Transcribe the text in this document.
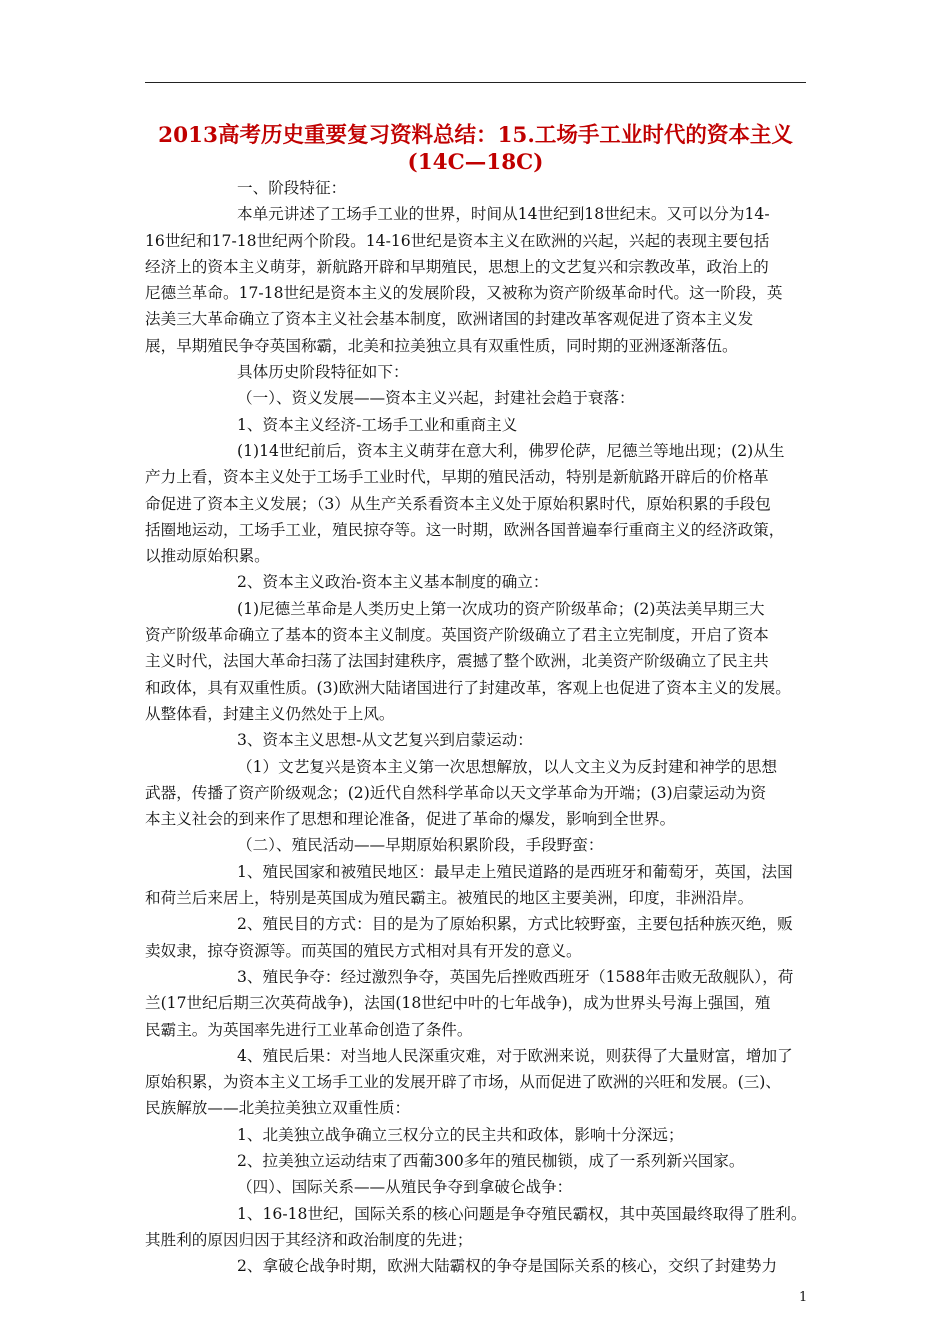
2013高考历史重要复习资料总结：15.工场手工业时代的资本主义
(14C—18C)
一、阶段特征：
本单元讲述了工场手工业的世界，时间从14世纪到18世纪末。又可以分为14-
16世纪和17-18世纪两个阶段。14-16世纪是资本主义在欧洲的兴起，兴起的表现主要包括
经济上的资本主义萌芽，新航路开辟和早期殖民，思想上的文艺复兴和宗教改革，政治上的
尼德兰革命。17-18世纪是资本主义的发展阶段，又被称为资产阶级革命时代。这一阶段，英
法美三大革命确立了资本主义社会基本制度，欧洲诸国的封建改革客观促进了资本主义发
展，早期殖民争夺英国称霸，北美和拉美独立具有双重性质，同时期的亚洲逐渐落伍。
具体历史阶段特征如下：
（一）、资义发展——资本主义兴起，封建社会趋于衰落：
1、资本主义经济-工场手工业和重商主义
(1)14世纪前后，资本主义萌芽在意大利，佛罗伦萨，尼德兰等地出现；(2)从生
产力上看，资本主义处于工场手工业时代，早期的殖民活动，特别是新航路开辟后的价格革
命促进了资本主义发展；（3）从生产关系看资本主义处于原始积累时代，原始积累的手段包
括圈地运动，工场手工业，殖民掠夺等。这一时期，欧洲各国普遍奉行重商主义的经济政策，
以推动原始积累。
2、资本主义政治-资本主义基本制度的确立：
(1)尼德兰革命是人类历史上第一次成功的资产阶级革命；(2)英法美早期三大
资产阶级革命确立了基本的资本主义制度。英国资产阶级确立了君主立宪制度，开启了资本
主义时代，法国大革命扫荡了法国封建秩序，震撼了整个欧洲，北美资产阶级确立了民主共
和政体，具有双重性质。(3)欧洲大陆诸国进行了封建改革，客观上也促进了资本主义的发展。
从整体看，封建主义仍然处于上风。
3、资本主义思想-从文艺复兴到启蒙运动：
（1）文艺复兴是资本主义第一次思想解放，以人文主义为反封建和神学的思想
武器，传播了资产阶级观念；(2)近代自然科学革命以天文学革命为开端；(3)启蒙运动为资
本主义社会的到来作了思想和理论准备，促进了革命的爆发，影响到全世界。
（二）、殖民活动——早期原始积累阶段，手段野蛮：
1、殖民国家和被殖民地区：最早走上殖民道路的是西班牙和葡萄牙，英国，法国
和荷兰后来居上，特别是英国成为殖民霸主。被殖民的地区主要美洲，印度，非洲沿岸。
2、殖民目的方式：目的是为了原始积累，方式比较野蛮，主要包括种族灭绝，贩
卖奴隶，掠夺资源等。而英国的殖民方式相对具有开发的意义。
3、殖民争夺：经过激烈争夺，英国先后挫败西班牙（1588年击败无敌舰队），荷
兰(17世纪后期三次英荷战争)，法国(18世纪中叶的七年战争)，成为世界头号海上强国，殖
民霸主。为英国率先进行工业革命创造了条件。
4、殖民后果：对当地人民深重灾难，对于欧洲来说，则获得了大量财富，增加了
原始积累，为资本主义工场手工业的发展开辟了市场，从而促进了欧洲的兴旺和发展。(三)、
民族解放——北美拉美独立双重性质：
1、北美独立战争确立三权分立的民主共和政体，影响十分深远；
2、拉美独立运动结束了西葡300多年的殖民枷锁，成了一系列新兴国家。
（四）、国际关系——从殖民争夺到拿破仑战争：
1、16-18世纪，国际关系的核心问题是争夺殖民霸权，其中英国最终取得了胜利。
其胜利的原因归因于其经济和政治制度的先进；
2、拿破仑战争时期，欧洲大陆霸权的争夺是国际关系的核心，交织了封建势力
1
